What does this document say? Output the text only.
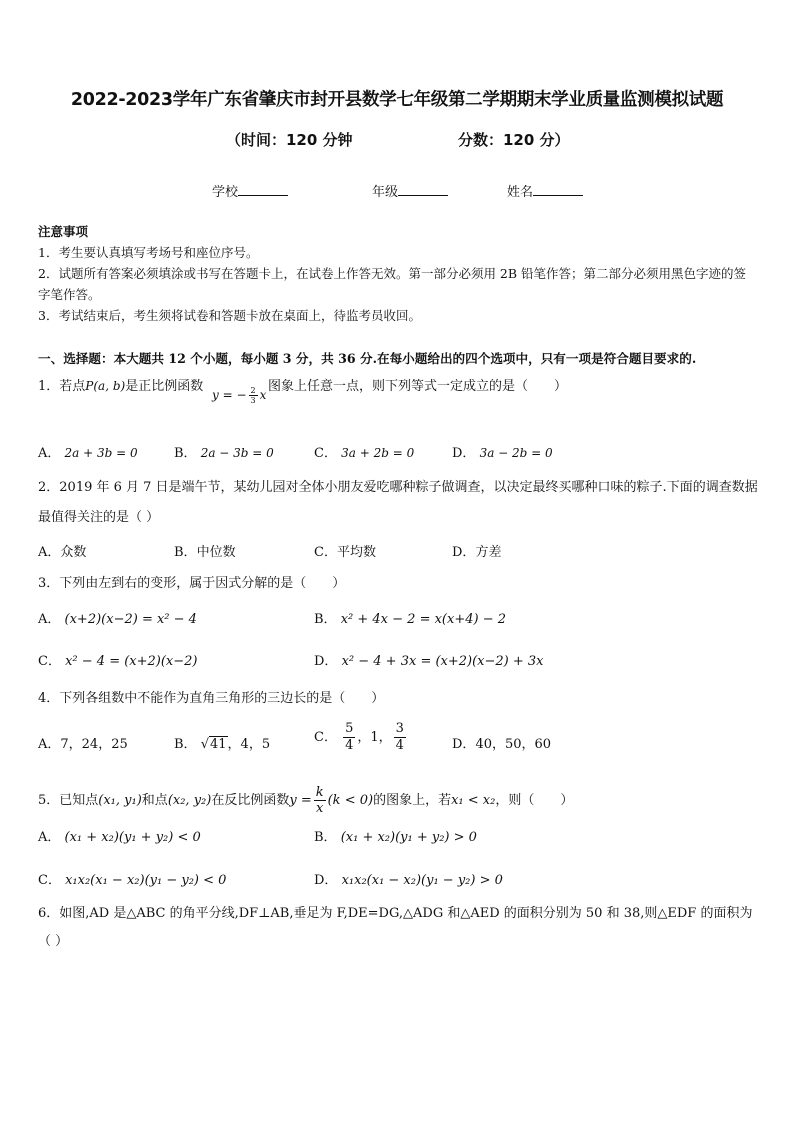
2022-2023学年广东省肇庆市封开县数学七年级第二学期期末学业质量监测模拟试题
（时间：120 分钟	分数：120 分）
学校	年级	姓名
注意事项
1．考生要认真填写考场号和座位序号。
2．试题所有答案必须填涂或书写在答题卡上，在试卷上作答无效。第一部分必须用 2B 铅笔作答；第二部分必须用黑色字迹的签字笔作答。
3．考试结束后，考生须将试卷和答题卡放在桌面上，待监考员收回。
一、选择题：本大题共 12 个小题，每小题 3 分，共 36 分.在每小题给出的四个选项中，只有一项是符合题目要求的.
1．若点P(a, b)是正比例函数
y = − $\frac{2}{3}$ x
图象上任意一点，则下列等式一定成立的是（　　）
A． 2a + 3b = 0	B． 2a − 3b = 0	C． 3a + 2b = 0	D． 3a − 2b = 0
2．2019 年 6 月 7 日是端午节，某幼儿园对全体小朋友爱吃哪种粽子做调查，以决定最终买哪种口味的粽子.下面的调查数据最值得关注的是（ ）
A．众数	B．中位数	C．平均数	D．方差
3．下列由左到右的变形，属于因式分解的是（　　）
A． (x+2)(x−2) = x² − 4	B． x² + 4x − 2 = x(x+4) − 2
C． x² − 4 = (x+2)(x−2)	D． x² − 4 + 3x = (x+2)(x−2) + 3x
4．下列各组数中不能作为直角三角形的三边长的是（　　）
A．7，24，25	B． √41，4，5	C． $\frac{5}{4}$ ，1， $\frac{3}{4}$	D．40，50，60
5．已知点(x₁, y₁)和点(x₂, y₂)在反比例函数$y = \frac{k}{x} (k < 0)$的图象上，若x₁ < x₂，则（　　）
A． (x₁ + x₂)(y₁ + y₂) < 0	B． (x₁ + x₂)(y₁ + y₂) > 0
C． x₁x₂(x₁ − x₂)(y₁ − y₂) < 0	D． x₁x₂(x₁ − x₂)(y₁ − y₂) > 0
6．如图,AD 是△ABC 的角平分线,DF⊥AB,垂足为 F,DE=DG,△ADG 和△AED 的面积分别为 50 和 38,则△EDF 的面积为（ ）
